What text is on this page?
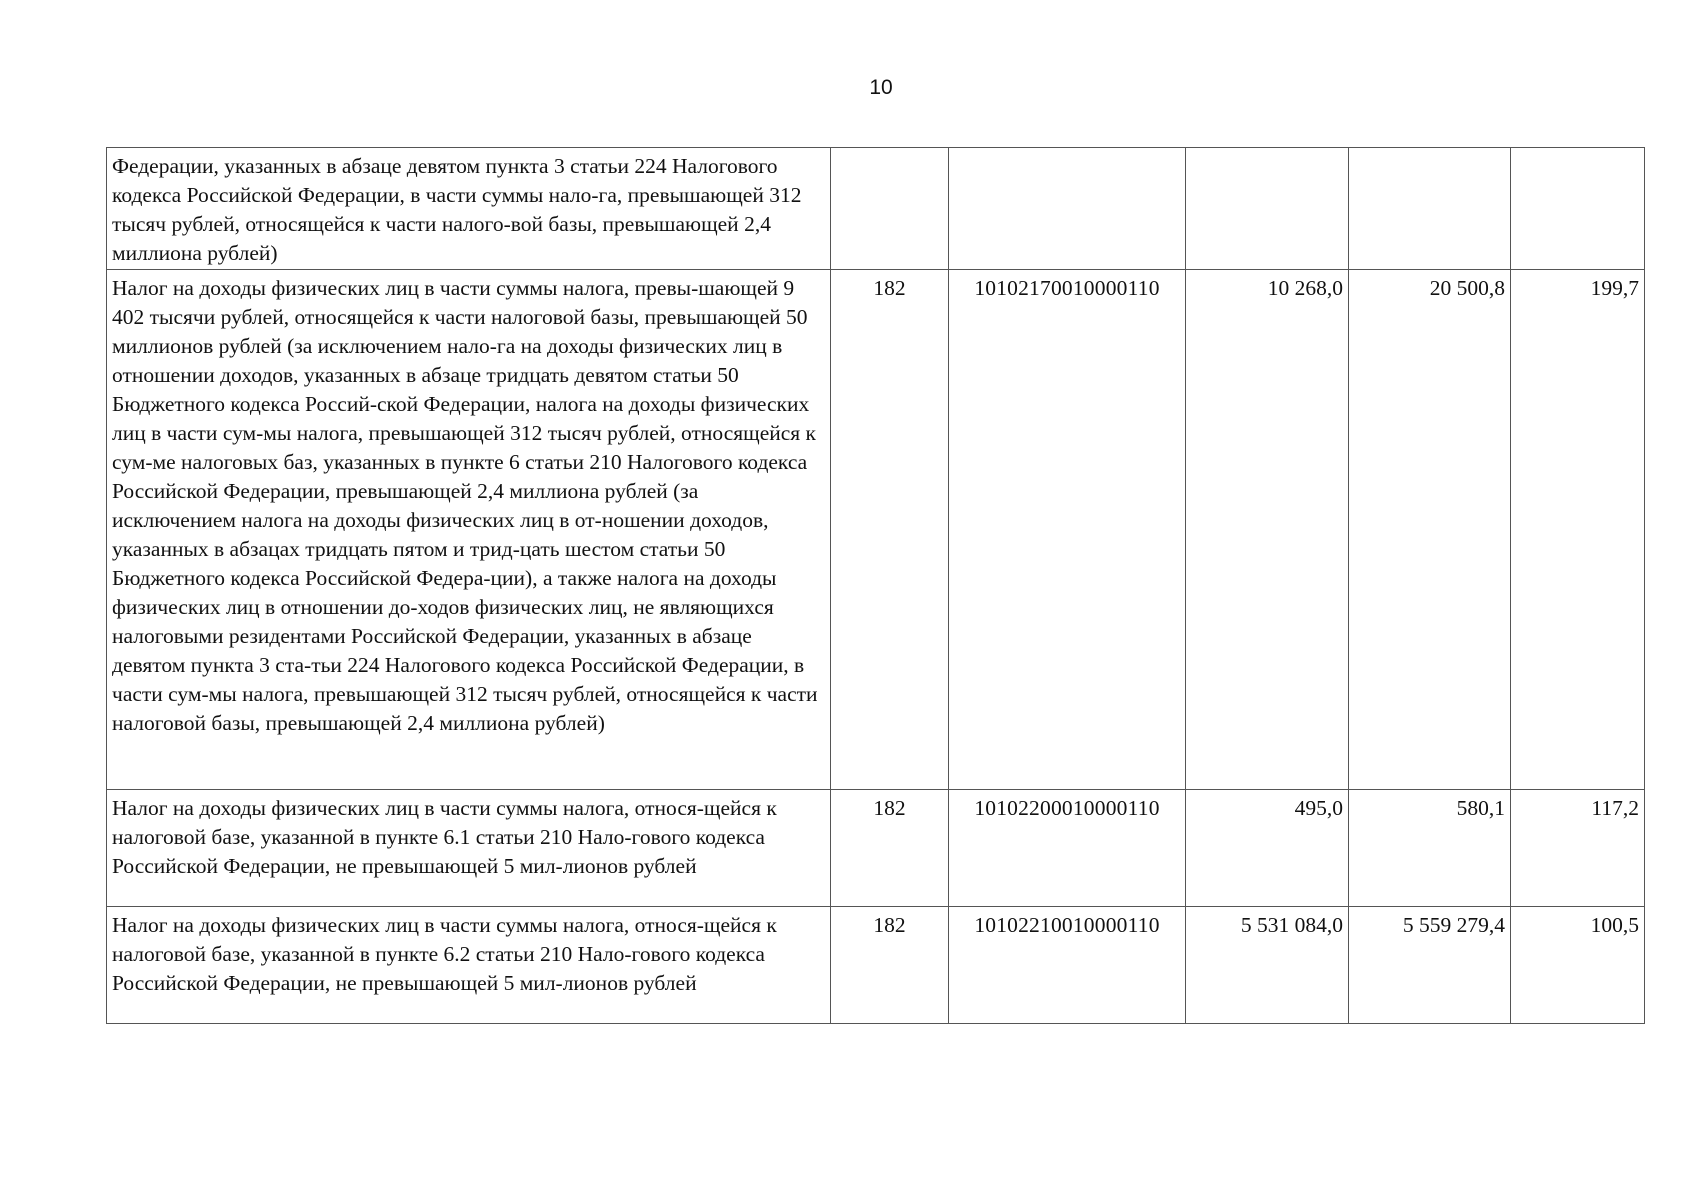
10
Федерации, указанных в абзаце девятом пункта 3 статьи 224 Налогового кодекса Российской Федерации, в части суммы нало-га, превышающей 312 тысяч рублей, относящейся к части налого-вой базы, превышающей 2,4 миллиона рублей)					
Налог на доходы физических лиц в части суммы налога, превы-шающей 9 402 тысячи рублей, относящейся к части налоговой базы, превышающей 50 миллионов рублей (за исключением нало-га на доходы физических лиц в отношении доходов, указанных в абзаце тридцать девятом статьи 50 Бюджетного кодекса Россий-ской Федерации, налога на доходы физических лиц в части сум-мы налога, превышающей 312 тысяч рублей, относящейся к сум-ме налоговых баз, указанных в пункте 6 статьи 210 Налогового кодекса Российской Федерации, превышающей 2,4 миллиона рублей (за исключением налога на доходы физических лиц в от-ношении доходов, указанных в абзацах тридцать пятом и трид-цать шестом статьи 50 Бюджетного кодекса Российской Федера-ции), а также налога на доходы физических лиц в отношении до-ходов физических лиц, не являющихся налоговыми резидентами Российской Федерации, указанных в абзаце девятом пункта 3 ста-тьи 224 Налогового кодекса Российской Федерации, в части сум-мы налога, превышающей 312 тысяч рублей, относящейся к части налоговой базы, превышающей 2,4 миллиона рублей)	182	10102170010000110	10 268,0	20 500,8	199,7
Налог на доходы физических лиц в части суммы налога, относя-щейся к налоговой базе, указанной в пункте 6.1 статьи 210 Нало-гового кодекса Российской Федерации, не превышающей 5 мил-лионов рублей	182	10102200010000110	495,0	580,1	117,2
Налог на доходы физических лиц в части суммы налога, относя-щейся к налоговой базе, указанной в пункте 6.2 статьи 210 Нало-гового кодекса Российской Федерации, не превышающей 5 мил-лионов рублей	182	10102210010000110	5 531 084,0	5 559 279,4	100,5
